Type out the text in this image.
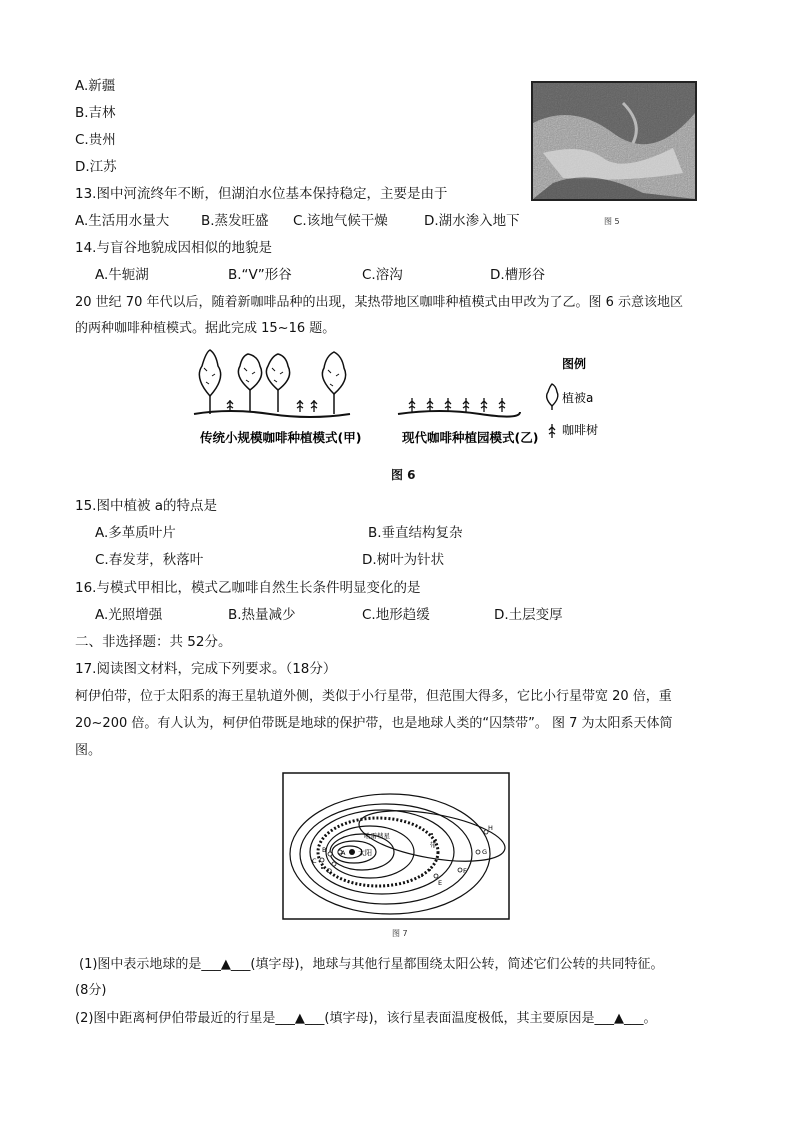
A.新疆
B.吉林
C.贵州
D.江苏
图 5
13.图中河流终年不断，但湖泊水位基本保持稳定，主要是由于
A.生活用水量大 B.蒸发旺盛 C.该地气候干燥	D.湖水渗入地下
14.与盲谷地貌成因相似的地貌是
A.牛轭湖	B.“V”形谷	C.溶沟	D.槽形谷
20 世纪 70 年代以后，随着新咖啡品种的出现，某热带地区咖啡种植模式由甲改为了乙。图 6 示意该地区
的两种咖啡种植模式。据此完成 15~16 题。
传统小规模咖啡种植模式(甲)	现代咖啡种植园模式(乙)
图例
植被a
咖啡树
图 6
15.图中植被 a的特点是
A.多革质叶片	B.垂直结构复杂
C.春发芽，秋落叶	D.树叶为针状
16.与模式甲相比，模式乙咖啡自然生长条件明显变化的是
A.光照增强	B.热量减少	C.地形趋缓	D.土层变厚
二、非选择题：共 52分。
17.阅读图文材料，完成下列要求。（18分）
柯伊伯带，位于太阳系的海王星轨道外侧，类似于小行星带，但范围大得多，它比小行星带宽 20 倍，重
20~200 倍。有人认为，柯伊伯带既是地球的保护带，也是地球人类的“囚禁带”。 图 7 为太阳系天体简
图。
太阳
哈雷彗星
带
A
B
C
D
E
F
G
H
图 7
(1)图中表示地球的是___▲___(填字母)，地球与其他行星都围绕太阳公转，简述它们公转的共同特征。
(8分)
(2)图中距离柯伊伯带最近的行星是___▲___(填字母)，该行星表面温度极低，其主要原因是___▲___。
